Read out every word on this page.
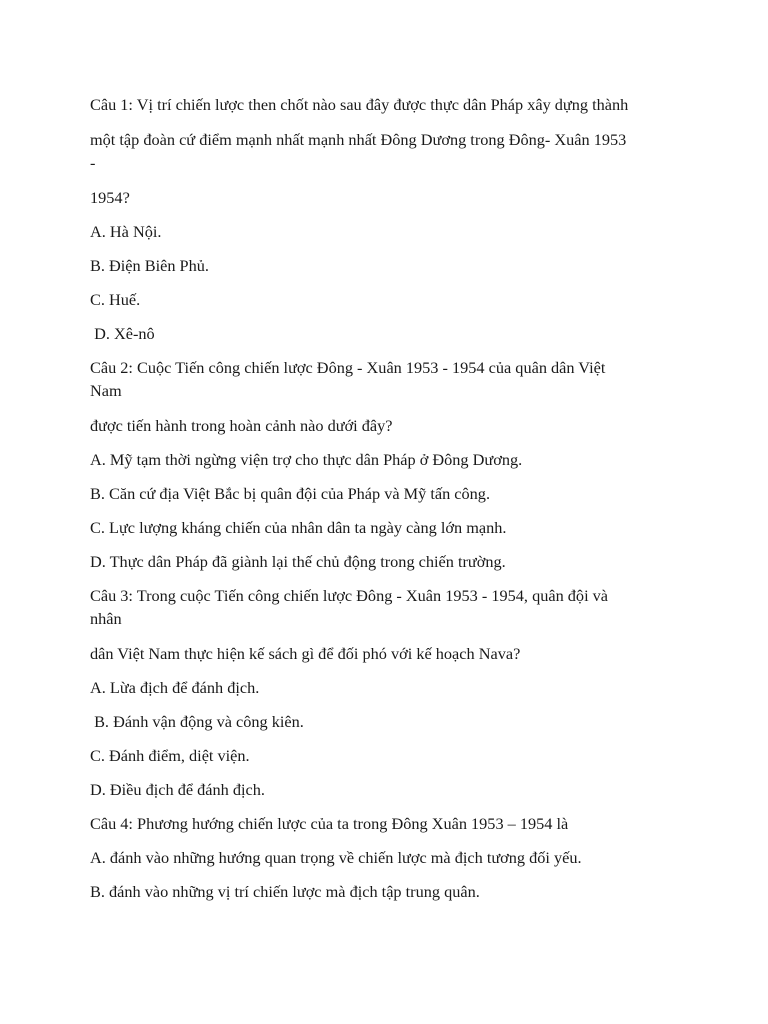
Câu 1: Vị trí chiến lược then chốt nào sau đây được thực dân Pháp xây dựng thành

một tập đoàn cứ điểm mạnh nhất mạnh nhất Đông Dương trong Đông- Xuân 1953

-

1954?

A. Hà Nội.

B. Điện Biên Phủ.

C. Huế.

D. Xê-nô

Câu 2: Cuộc Tiến công chiến lược Đông - Xuân 1953 - 1954 của quân dân Việt

Nam

được tiến hành trong hoàn cảnh nào dưới đây?

A. Mỹ tạm thời ngừng viện trợ cho thực dân Pháp ở Đông Dương.

B. Căn cứ địa Việt Bắc bị quân đội của Pháp và Mỹ tấn công.

C. Lực lượng kháng chiến của nhân dân ta ngày càng lớn mạnh.

D. Thực dân Pháp đã giành lại thế chủ động trong chiến trường.

Câu 3: Trong cuộc Tiến công chiến lược Đông - Xuân 1953 - 1954, quân đội và

nhân

dân Việt Nam thực hiện kế sách gì để đối phó với kế hoạch Nava?

A. Lừa địch để đánh địch.

B. Đánh vận động và công kiên.

C. Đánh điểm, diệt viện.

D. Điều địch để đánh địch.

Câu 4: Phương hướng chiến lược của ta trong Đông Xuân 1953 – 1954 là

A. đánh vào những hướng quan trọng về chiến lược mà địch tương đối yếu.

B. đánh vào những vị trí chiến lược mà địch tập trung quân.
